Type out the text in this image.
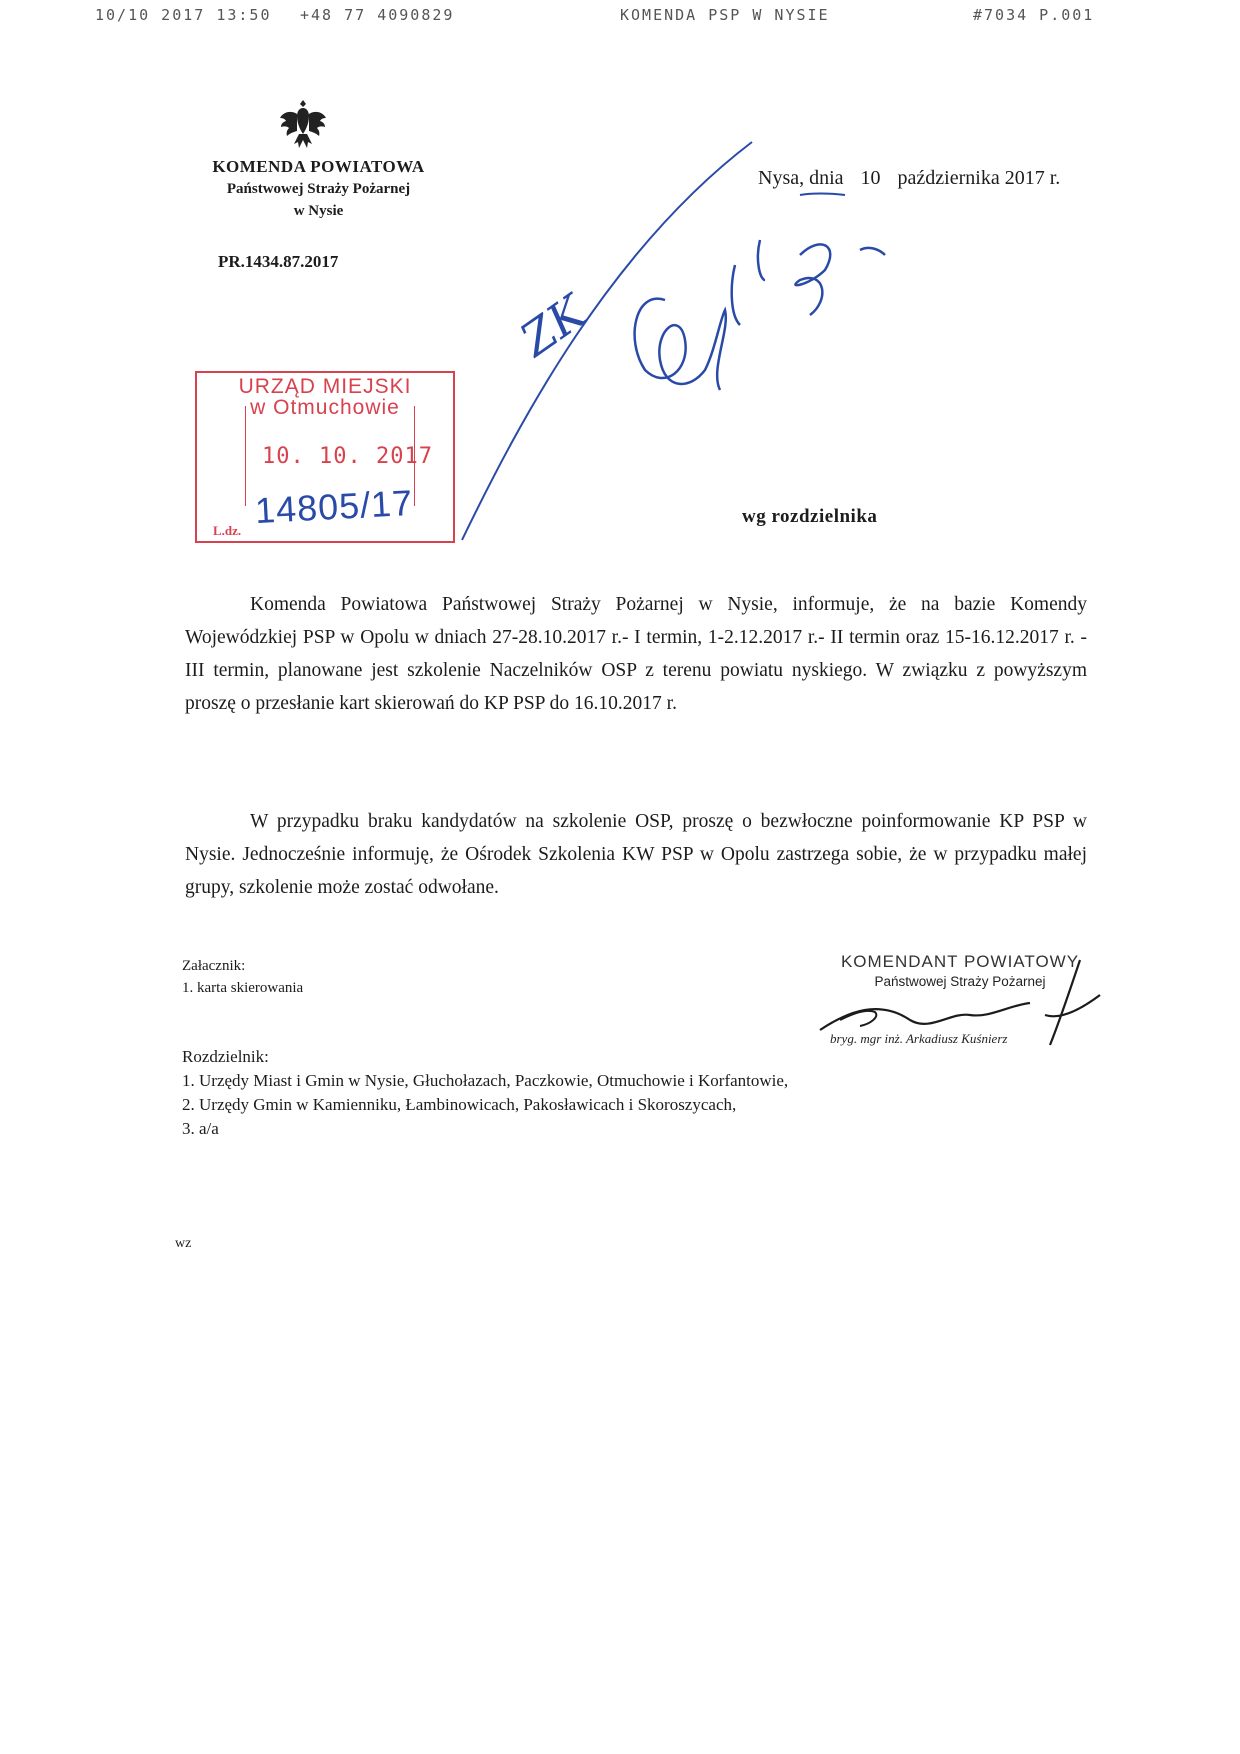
10/10 2017 13:50 +48 77 4090829	KOMENDA PSP W NYSIE	#7034 P.001
KOMENDA POWIATOWA
Państwowej Straży Pożarnej
w Nysie
PR.1434.87.2017
Nysa, dnia 10 października 2017 r.
URZĄD MIEJSKI
w Otmuchowie
10. 10. 2017
L.dz. 14805/17
ZK
wg rozdzielnika
Komenda Powiatowa Państwowej Straży Pożarnej w Nysie, informuje, że na bazie Komendy Wojewódzkiej PSP w Opolu w dniach 27-28.10.2017 r.- I termin, 1-2.12.2017 r.- II termin oraz 15-16.12.2017 r. - III termin, planowane jest szkolenie Naczelników OSP z terenu powiatu nyskiego. W związku z powyższym proszę o przesłanie kart skierowań do KP PSP do 16.10.2017 r.
W przypadku braku kandydatów na szkolenie OSP, proszę o bezwłoczne poinformowanie KP PSP w Nysie. Jednocześnie informuję, że Ośrodek Szkolenia KW PSP w Opolu zastrzega sobie, że w przypadku małej grupy, szkolenie może zostać odwołane.
Załacznik:
1. karta skierowania
KOMENDANT POWIATOWY
Państwowej Straży Pożarnej
bryg. mgr inż. Arkadiusz Kuśnierz
Rozdzielnik:
1. Urzędy Miast i Gmin w Nysie, Głuchołazach, Paczkowie, Otmuchowie i Korfantowie,
2. Urzędy Gmin w Kamienniku, Łambinowicach, Pakosławicach i Skoroszycach,
3. a/a
wz
